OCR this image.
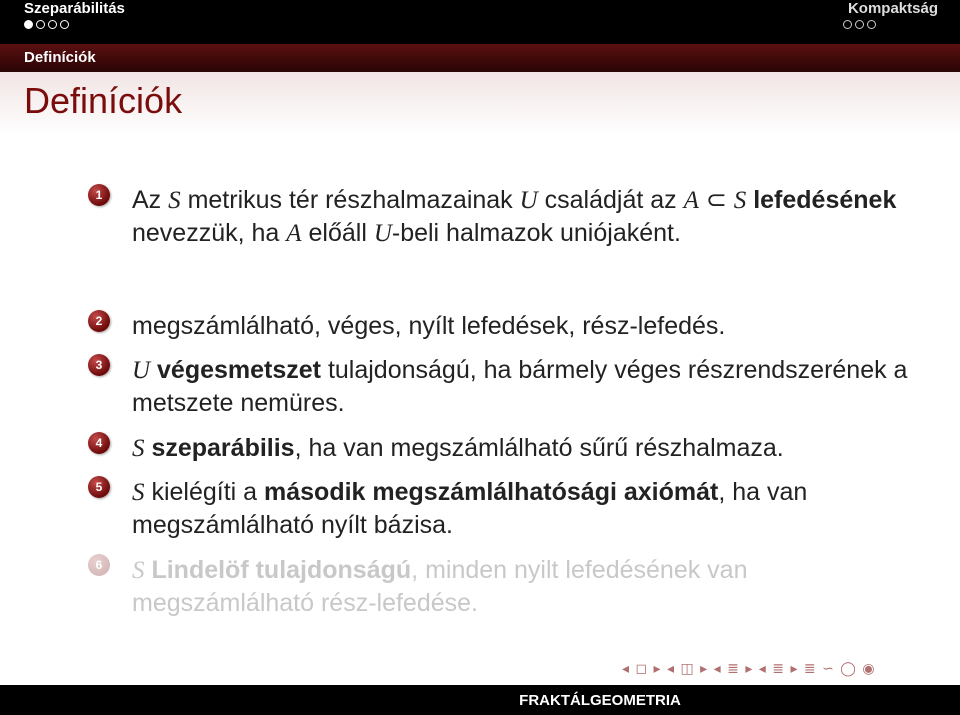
Szeparábilitás	Kompaktság
Definíciók
Definíciók
1	Az S metrikus tér részhalmazainak U családját az A ⊂ S lefedésének nevezzük, ha A előáll U-beli halmazok uniójaként.
2	megszámlálható, véges, nyílt lefedések, rész-lefedés.
3	U végesmetszet tulajdonságú, ha bármely véges részrendszerének a metszete nemüres.
4	S szeparábilis, ha van megszámlálható sűrű részhalmaza.
5	S kielégíti a második megszámlálhatósági axiómát, ha van megszámlálható nyílt bázisa.
6	S Lindelöf tulajdonságú, minden nyilt lefedésének van megszámlálható rész-lefedése.
◂ ◻ ▸ ◂ ◫ ▸ ◂ ≣ ▸ ◂ ≣ ▸ ≣ ∽ ◯ ◉
FRAKTÁLGEOMETRIA
